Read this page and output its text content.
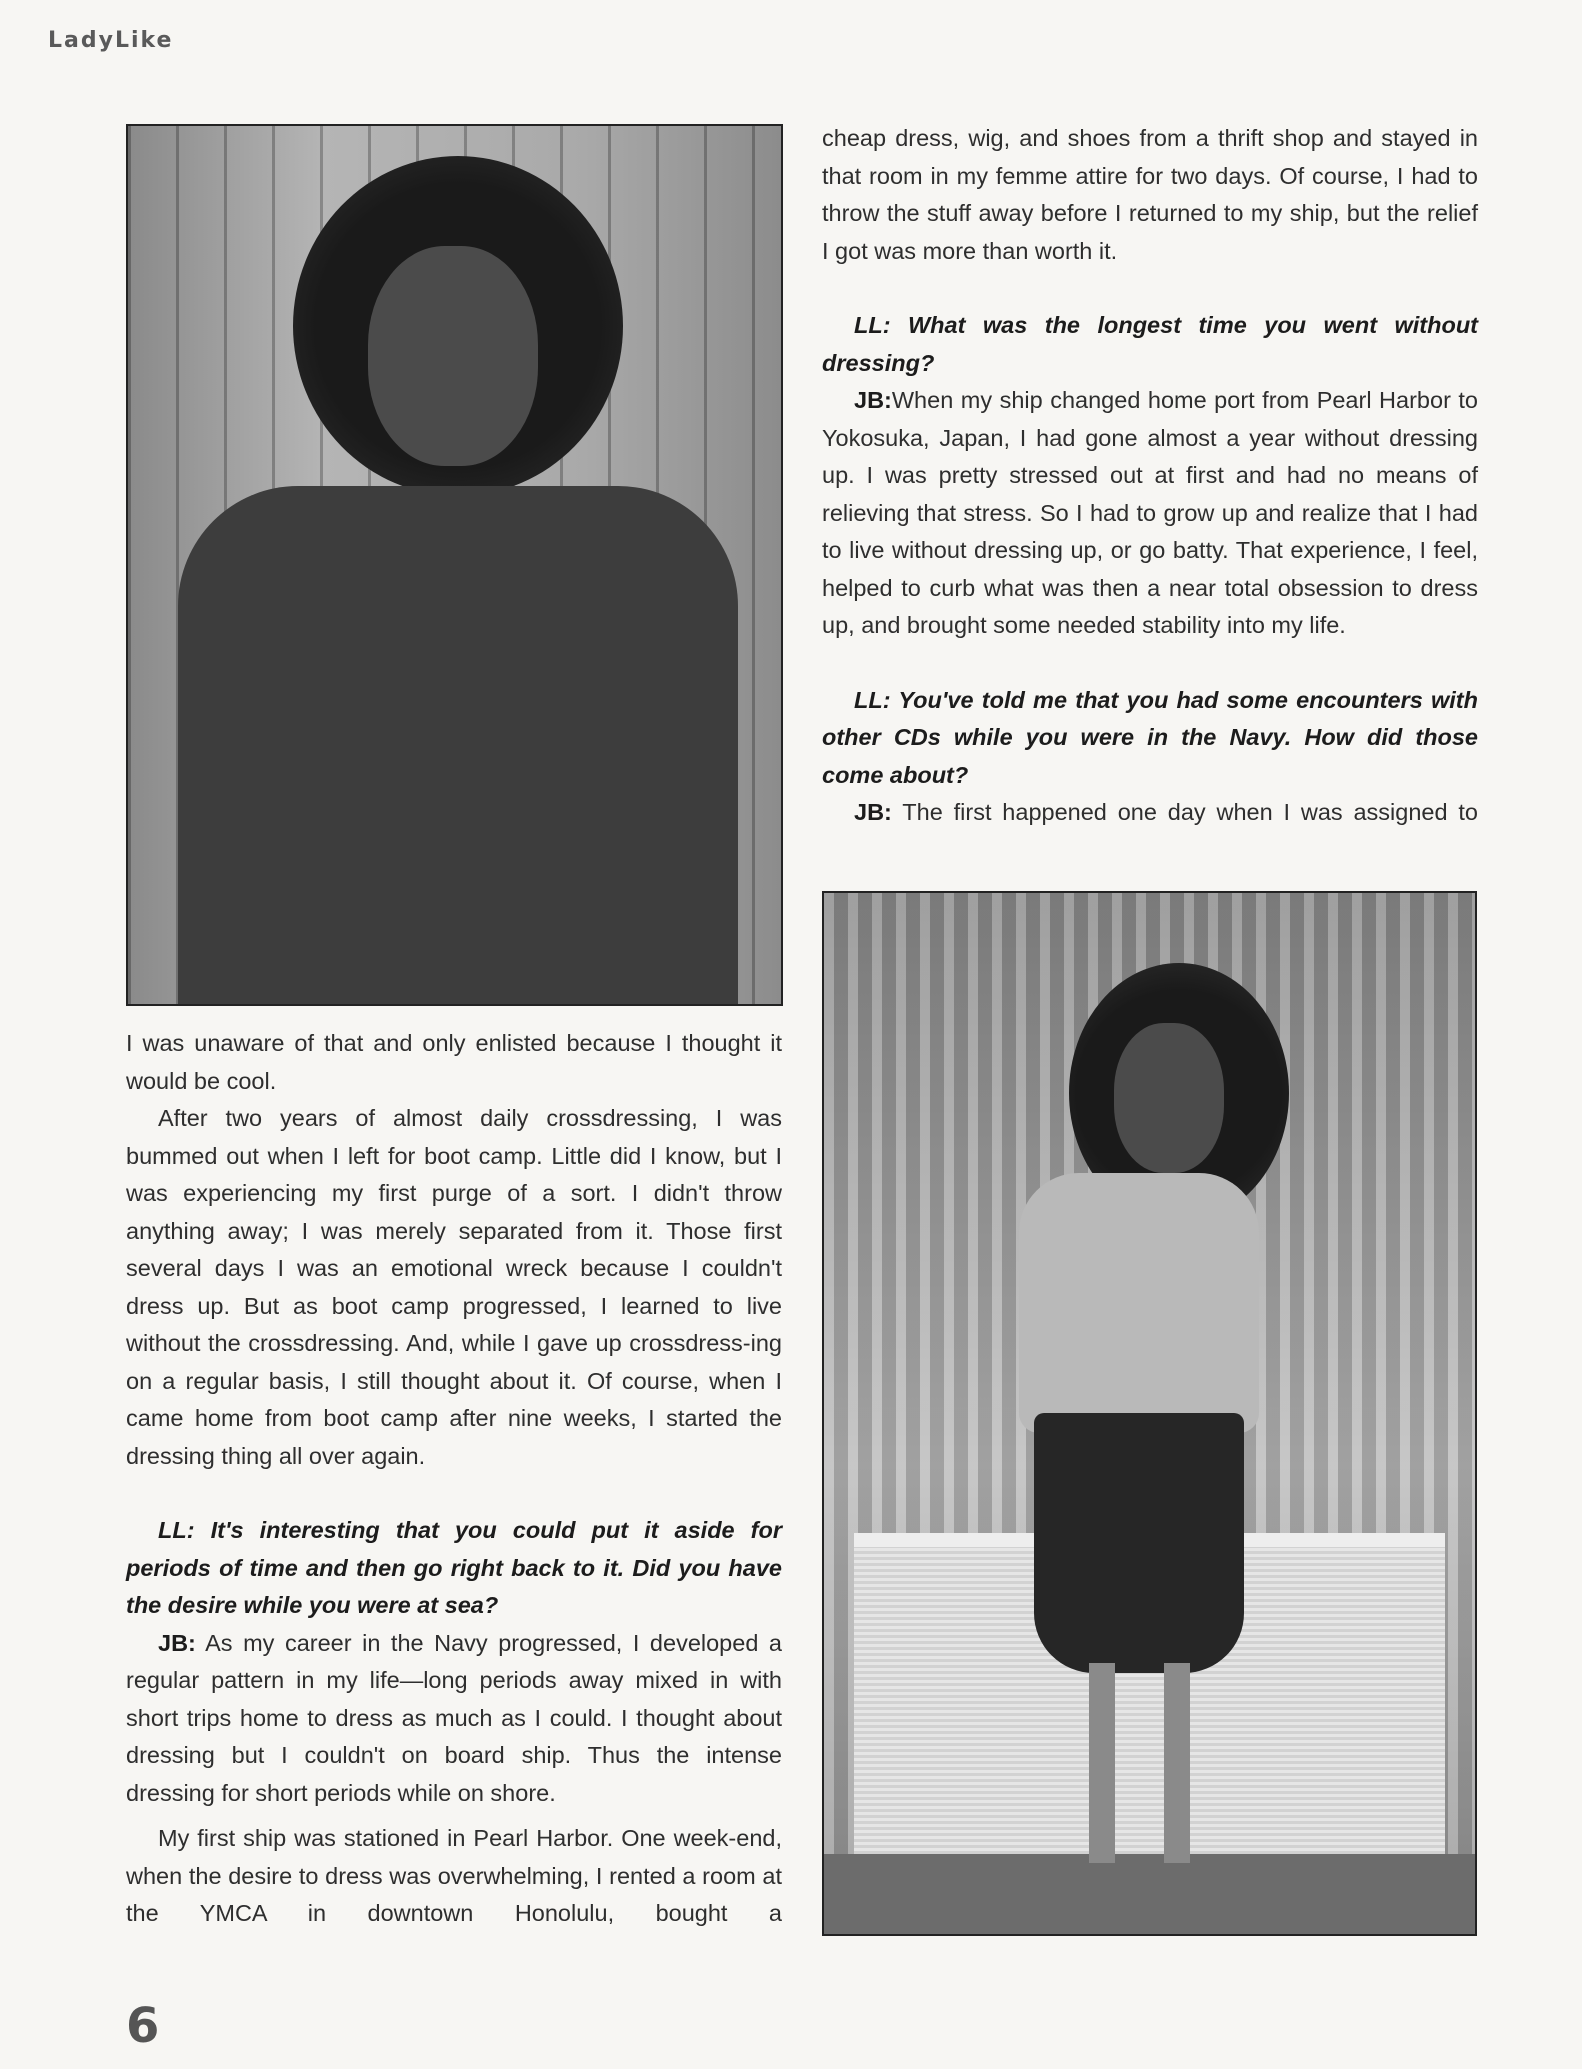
LadyLike

I was unaware of that and only enlisted because I thought it would be cool.

After two years of almost daily crossdressing, I was bummed out when I left for boot camp. Little did I know, but I was experiencing my first purge of a sort. I didn't throw anything away; I was merely separated from it. Those first several days I was an emotional wreck because I couldn't dress up. But as boot camp progressed, I learned to live without the crossdressing. And, while I gave up crossdress-ing on a regular basis, I still thought about it. Of course, when I came home from boot camp after nine weeks, I started the dressing thing all over again.

LL: It's interesting that you could put it aside for periods of time and then go right back to it. Did you have the desire while you were at sea?

JB: As my career in the Navy progressed, I developed a regular pattern in my life—long periods away mixed in with short trips home to dress as much as I could. I thought about dressing but I couldn't on board ship. Thus the intense dressing for short periods while on shore.

My first ship was stationed in Pearl Harbor. One week-end, when the desire to dress was overwhelming, I rented a room at the YMCA in downtown Honolulu, bought a

cheap dress, wig, and shoes from a thrift shop and stayed in that room in my femme attire for two days. Of course, I had to throw the stuff away before I returned to my ship, but the relief I got was more than worth it.

LL: What was the longest time you went without dressing?

JB:When my ship changed home port from Pearl Harbor to Yokosuka, Japan, I had gone almost a year without dressing up. I was pretty stressed out at first and had no means of relieving that stress. So I had to grow up and realize that I had to live without dressing up, or go batty. That experience, I feel, helped to curb what was then a near total obsession to dress up, and brought some needed stability into my life.

LL: You've told me that you had some encounters with other CDs while you were in the Navy. How did those come about?

JB: The first happened one day when I was assigned to

6
